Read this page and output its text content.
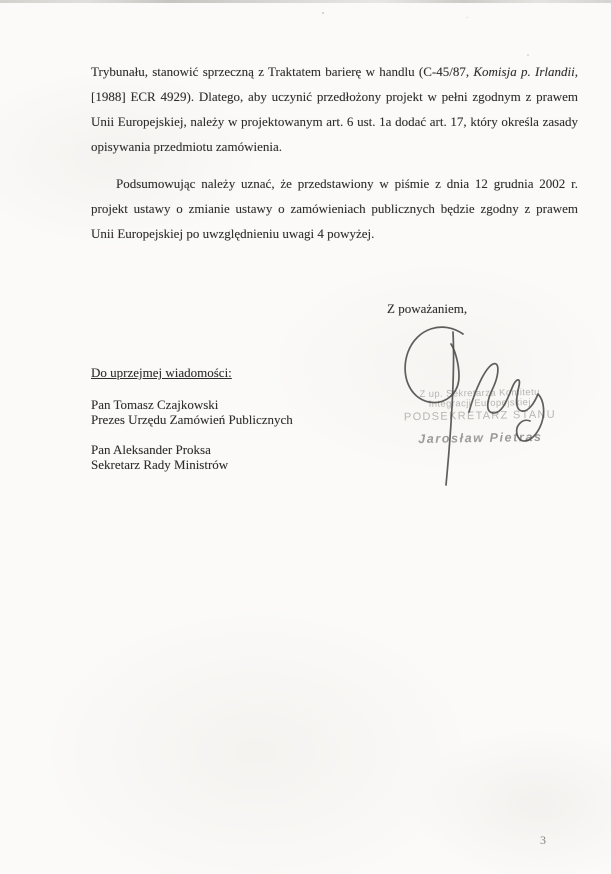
Trybunału, stanowić sprzeczną z Traktatem barierę w handlu (C-45/87, Komisja p. Irlandii,
[1988] ECR 4929). Dlatego, aby uczynić przedłożony projekt w pełni zgodnym z prawem
Unii Europejskiej, należy w projektowanym art. 6 ust. 1a dodać art. 17, który określa zasady
opisywania przedmiotu zamówienia.
Podsumowując należy uznać, że przedstawiony w piśmie z dnia 12 grudnia 2002 r.
projekt ustawy o zmianie ustawy o zamówieniach publicznych będzie zgodny z prawem
Unii Europejskiej po uwzględnieniu uwagi 4 powyżej.
Z poważaniem,
Z up. Sekretarza Komitetu
Integracji Europejskiej
PODSEKRETARZ STANU
Jarosław Pietras
Do uprzejmej wiadomości:
Pan Tomasz Czajkowski
Prezes Urzędu Zamówień Publicznych
Pan Aleksander Proksa
Sekretarz Rady Ministrów
3
